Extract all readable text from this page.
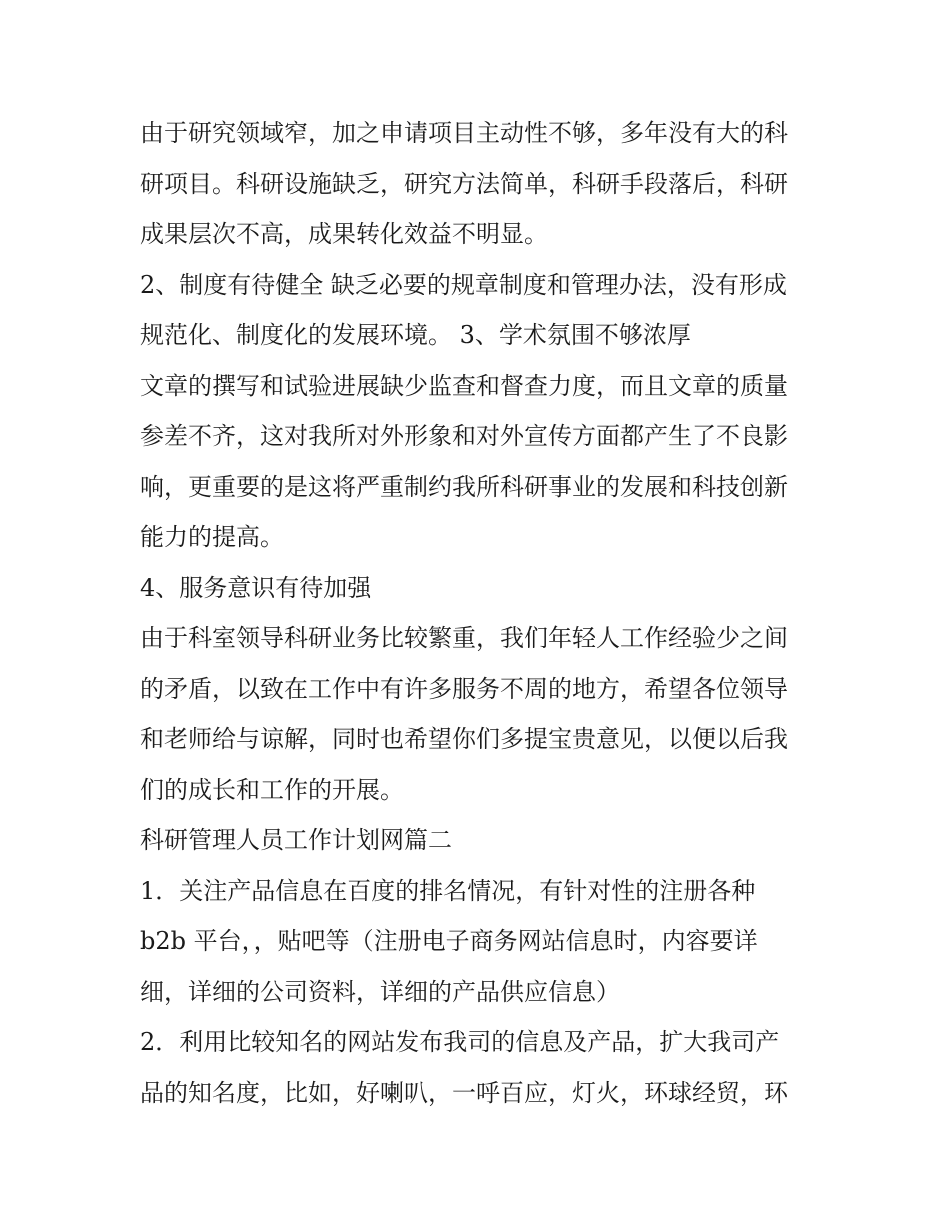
由于研究领域窄，加之申请项目主动性不够，多年没有大的科
研项目。科研设施缺乏，研究方法简单，科研手段落后，科研
成果层次不高，成果转化效益不明显。
2、制度有待健全 缺乏必要的规章制度和管理办法，没有形成
规范化、制度化的发展环境。 3、学术氛围不够浓厚
文章的撰写和试验进展缺少监查和督查力度，而且文章的质量
参差不齐，这对我所对外形象和对外宣传方面都产生了不良影
响，更重要的是这将严重制约我所科研事业的发展和科技创新
能力的提高。
4、服务意识有待加强
由于科室领导科研业务比较繁重，我们年轻人工作经验少之间
的矛盾，以致在工作中有许多服务不周的地方，希望各位领导
和老师给与谅解，同时也希望你们多提宝贵意见，以便以后我
们的成长和工作的开展。
科研管理人员工作计划网篇二
1．关注产品信息在百度的排名情况，有针对性的注册各种
b2b 平台，，贴吧等（注册电子商务网站信息时，内容要详
细，详细的公司资料，详细的产品供应信息）
2．利用比较知名的网站发布我司的信息及产品，扩大我司产
品的知名度，比如，好喇叭，一呼百应，灯火，环球经贸，环
